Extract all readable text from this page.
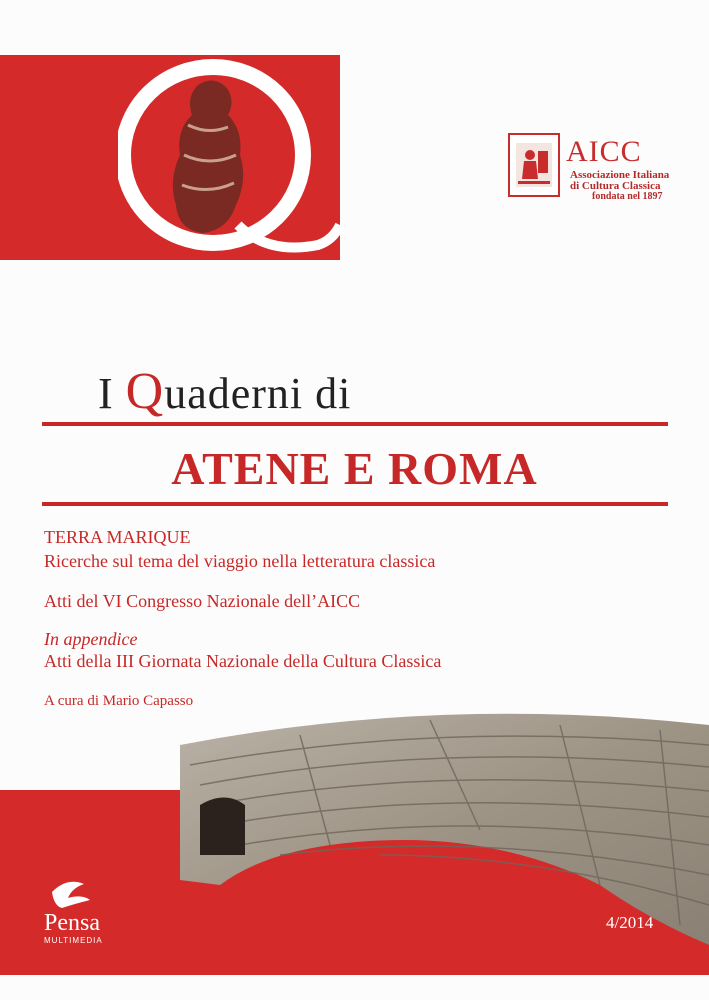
AICC
Associazione Italiana
di Cultura Classica
fondata nel 1897
I Quaderni di
ATENE E ROMA
TERRA MARIQUE
Ricerche sul tema del viaggio nella letteratura classica
Atti del VI Congresso Nazionale dell’AICC
In appendice
Atti della III Giornata Nazionale della Cultura Classica
A cura di Mario Capasso
Pensa
MULTIMEDIA
4/2014
